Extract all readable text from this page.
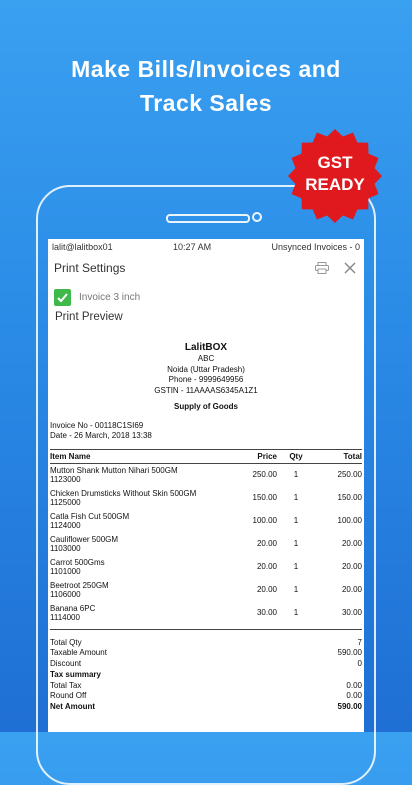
Make Bills/Invoices and
Track Sales
GST
READY
lalit@lalitbox01	10:27 AM	Unsynced Invoices - 0
Print Settings
Invoice 3 inch
Print Preview
LalitBOX
ABC
Noida (Uttar Pradesh)
Phone - 9999649956
GSTIN - 11AAAAS6345A1Z1
Supply of Goods
Invoice No - 00118C1SI69
Date - 26 March, 2018 13:38
Item Name	Price	Qty	Total

Mutton Shank Mutton Nihari 500GM
1123000	250.00	1	250.00

Chicken Drumsticks Without Skin 500GM
1125000	150.00	1	150.00

Catla Fish Cut 500GM
1124000	100.00	1	100.00

Cauliflower 500GM
1103000	20.00	1	20.00

Carrot 500Gms
1101000	20.00	1	20.00

Beetroot 250GM
1106000	20.00	1	20.00

Banana 6PC
1114000	30.00	1	30.00
Total Qty	7
Taxable Amount	590.00
Discount	0
Tax summary
Total Tax	0.00
Round Off	0.00
Net Amount	590.00
